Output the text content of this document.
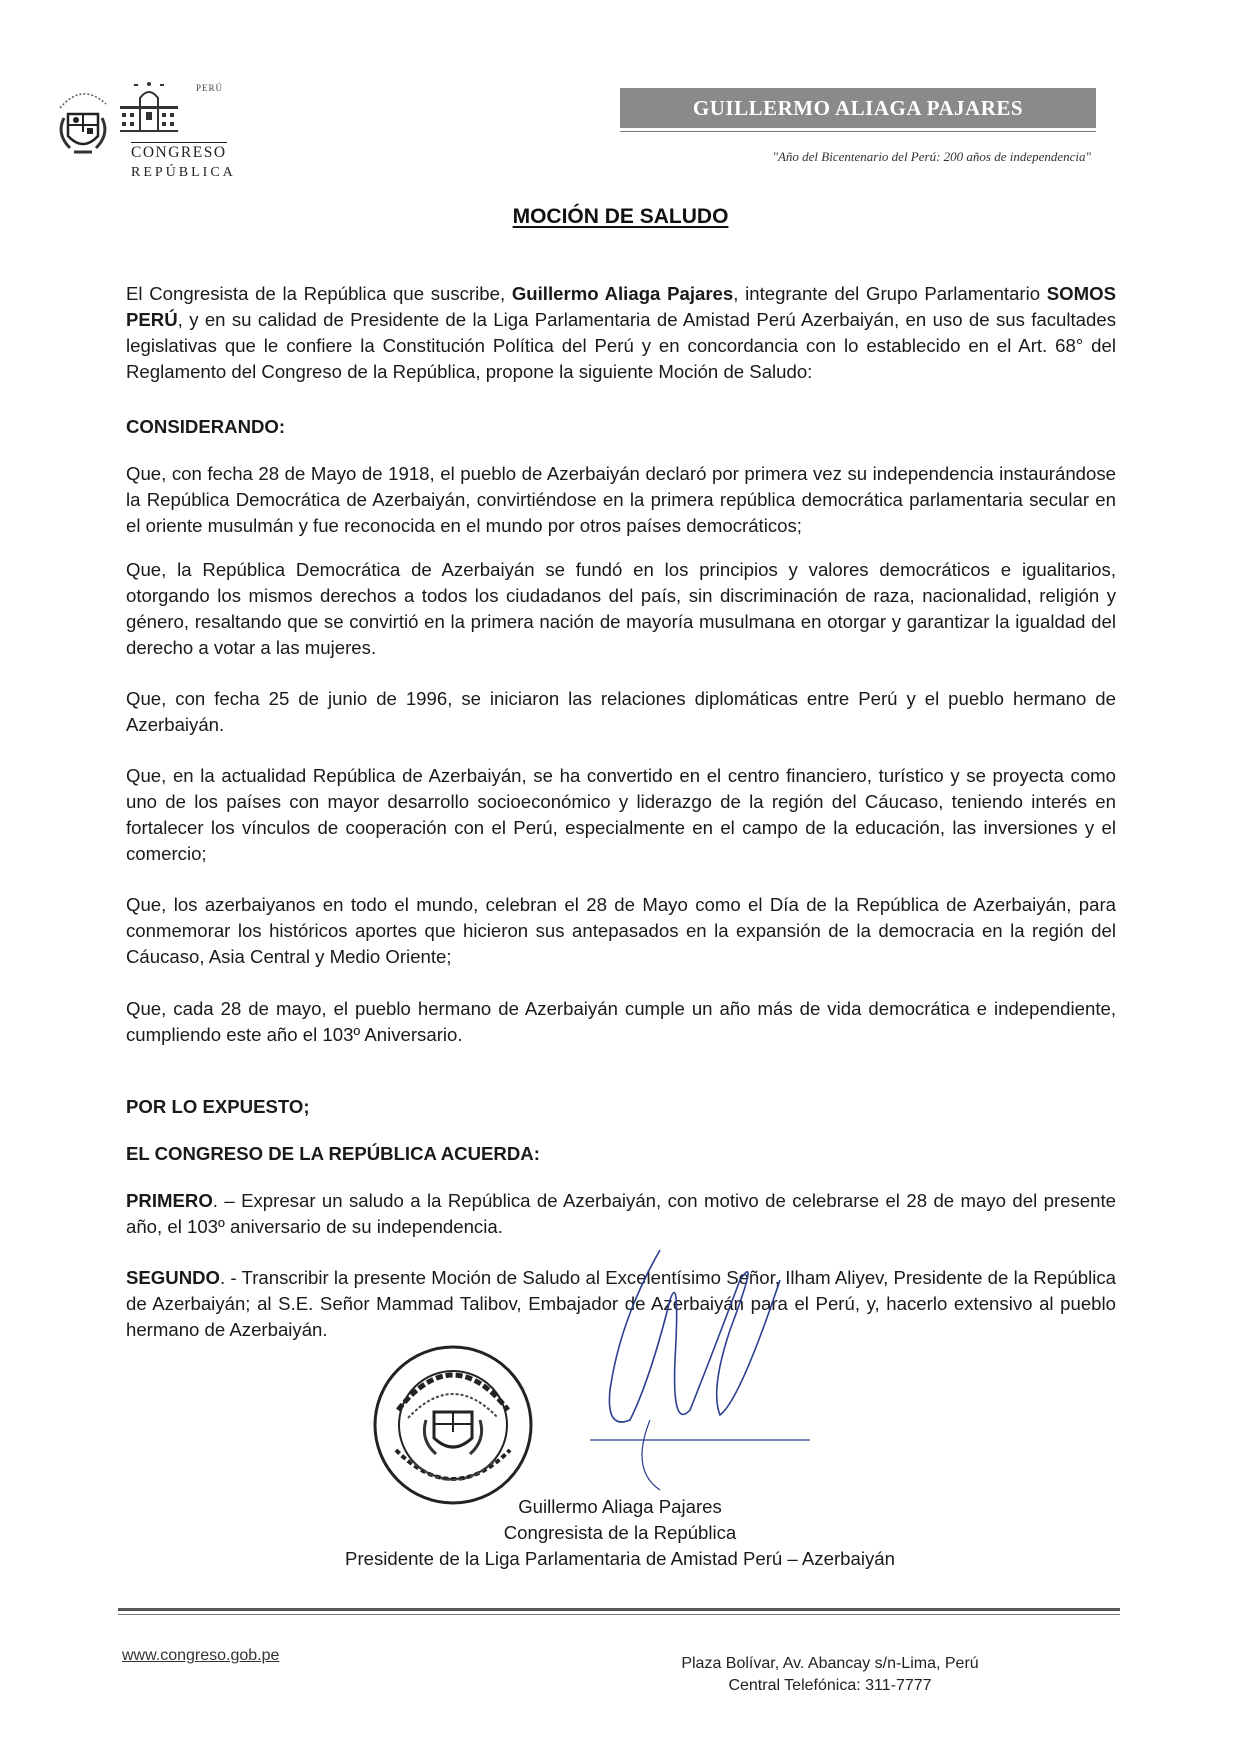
PERÚ
CONGRESO
REPÚBLICA
GUILLERMO ALIAGA PAJARES
"Año del Bicentenario del Perú: 200 años de independencia"
MOCIÓN DE SALUDO

El Congresista de la República que suscribe, Guillermo Aliaga Pajares, integrante del Grupo Parlamentario SOMOS PERÚ, y en su calidad de Presidente de la Liga Parlamentaria de Amistad Perú Azerbaiyán, en uso de sus facultades legislativas que le confiere la Constitución Política del Perú y en concordancia con lo establecido en el Art. 68° del Reglamento del Congreso de la República, propone la siguiente Moción de Saludo:

CONSIDERANDO:

Que, con fecha 28 de Mayo de 1918, el pueblo de Azerbaiyán declaró por primera vez su independencia instaurándose la República Democrática de Azerbaiyán, convirtiéndose en la primera república democrática parlamentaria secular en el oriente musulmán y fue reconocida en el mundo por otros países democráticos;

Que, la República Democrática de Azerbaiyán se fundó en los principios y valores democráticos e igualitarios, otorgando los mismos derechos a todos los ciudadanos del país, sin discriminación de raza, nacionalidad, religión y género, resaltando que se convirtió en la primera nación de mayoría musulmana en otorgar y garantizar la igualdad del derecho a votar a las mujeres.

Que, con fecha 25 de junio de 1996, se iniciaron las relaciones diplomáticas entre Perú y el pueblo hermano de Azerbaiyán.

Que, en la actualidad República de Azerbaiyán, se ha convertido en el centro financiero, turístico y se proyecta como uno de los países con mayor desarrollo socioeconómico y liderazgo de la región del Cáucaso, teniendo interés en fortalecer los vínculos de cooperación con el Perú, especialmente en el campo de la educación, las inversiones y el comercio;

Que, los azerbaiyanos en todo el mundo, celebran el 28 de Mayo como el Día de la República de Azerbaiyán, para conmemorar los históricos aportes que hicieron sus antepasados en la expansión de la democracia en la región del Cáucaso, Asia Central y Medio Oriente;

Que, cada 28 de mayo, el pueblo hermano de Azerbaiyán cumple un año más de vida democrática e independiente, cumpliendo este año el 103º Aniversario.

POR LO EXPUESTO;

EL CONGRESO DE LA REPÚBLICA ACUERDA:

PRIMERO. – Expresar un saludo a la República de Azerbaiyán, con motivo de celebrarse el 28 de mayo del presente año, el 103º aniversario de su independencia.

SEGUNDO. - Transcribir la presente Moción de Saludo al Excelentísimo Señor, Ilham Aliyev, Presidente de la República de Azerbaiyán; al S.E. Señor Mammad Talibov, Embajador de Azerbaiyán para el Perú, y, hacerlo extensivo al pueblo hermano de Azerbaiyán.

Guillermo Aliaga Pajares
Congresista de la República
Presidente de la Liga Parlamentaria de Amistad Perú – Azerbaiyán
www.congreso.gob.pe	Plaza Bolívar, Av. Abancay s/n-Lima, Perú
Central Telefónica: 311-7777
